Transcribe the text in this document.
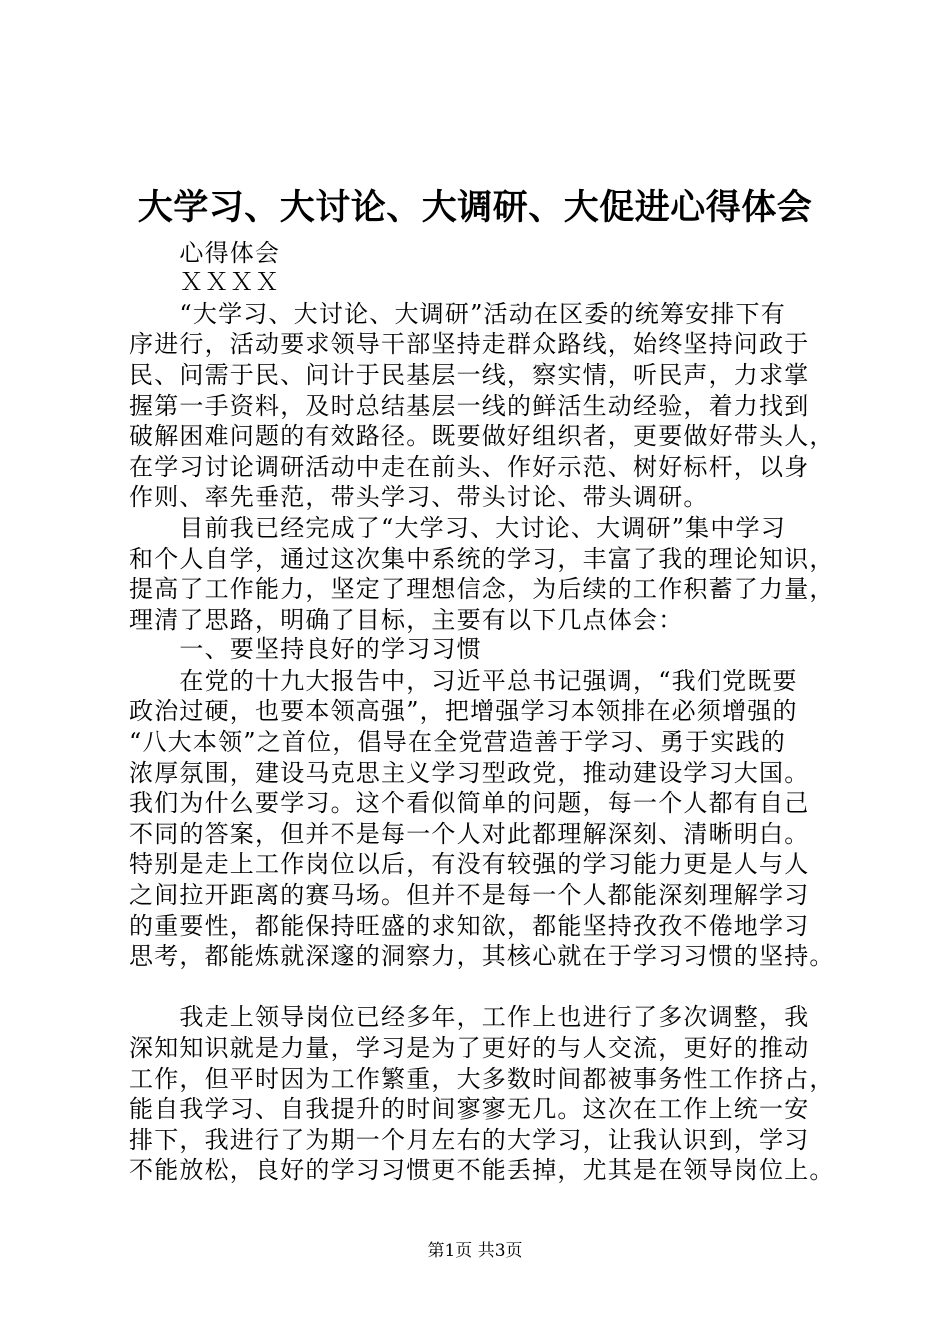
大学习、大讨论、大调研、大促进心得体会
　　心得体会
　　ＸＸＸＸ
　　“大学习、大讨论、大调研”活动在区委的统筹安排下有
序进行，活动要求领导干部坚持走群众路线，始终坚持问政于
民、问需于民、问计于民基层一线，察实情，听民声，力求掌
握第一手资料，及时总结基层一线的鲜活生动经验，着力找到
破解困难问题的有效路径。既要做好组织者，更要做好带头人，
在学习讨论调研活动中走在前头、作好示范、树好标杆，以身
作则、率先垂范，带头学习、带头讨论、带头调研。
　　目前我已经完成了“大学习、大讨论、大调研”集中学习
和个人自学，通过这次集中系统的学习，丰富了我的理论知识，
提高了工作能力，坚定了理想信念，为后续的工作积蓄了力量，
理清了思路，明确了目标，主要有以下几点体会：
　　一、要坚持良好的学习习惯
　　在党的十九大报告中，习近平总书记强调，“我们党既要
政治过硬，也要本领高强”，把增强学习本领排在必须增强的
“八大本领”之首位，倡导在全党营造善于学习、勇于实践的
浓厚氛围，建设马克思主义学习型政党，推动建设学习大国。
我们为什么要学习。这个看似简单的问题，每一个人都有自己
不同的答案，但并不是每一个人对此都理解深刻、清晰明白。
特别是走上工作岗位以后，有没有较强的学习能力更是人与人
之间拉开距离的赛马场。但并不是每一个人都能深刻理解学习
的重要性，都能保持旺盛的求知欲，都能坚持孜孜不倦地学习
思考，都能炼就深邃的洞察力，其核心就在于学习习惯的坚持。
　　我走上领导岗位已经多年，工作上也进行了多次调整，我
深知知识就是力量，学习是为了更好的与人交流，更好的推动
工作，但平时因为工作繁重，大多数时间都被事务性工作挤占，
能自我学习、自我提升的时间寥寥无几。这次在工作上统一安
排下，我进行了为期一个月左右的大学习，让我认识到，学习
不能放松，良好的学习习惯更不能丢掉，尤其是在领导岗位上。
第1页 共3页
